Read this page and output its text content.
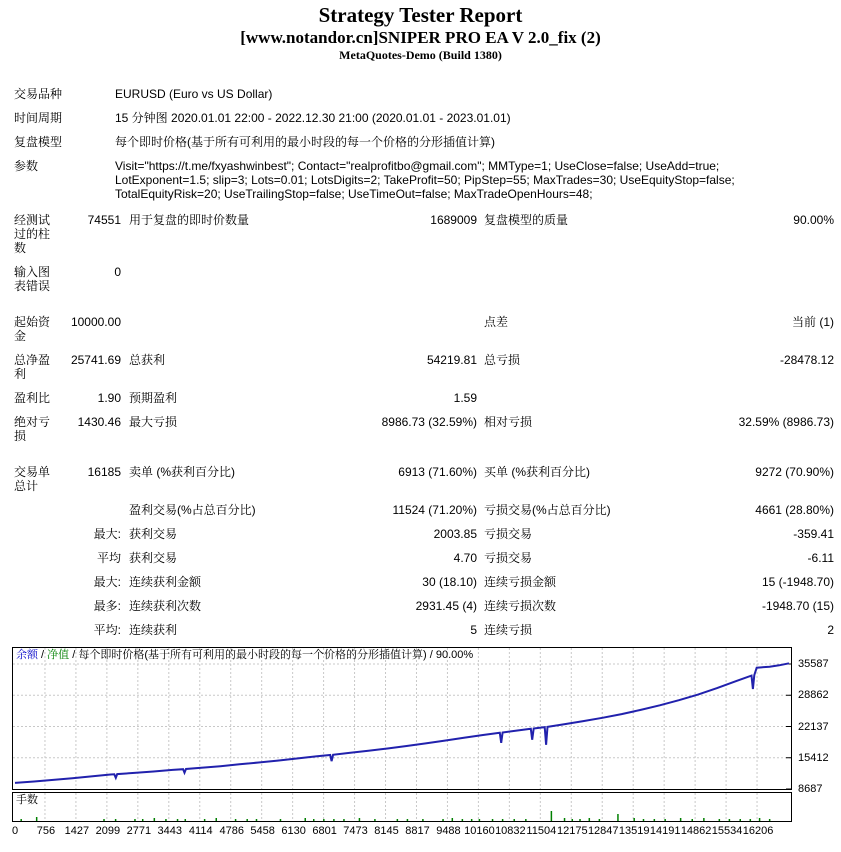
Strategy Tester Report
[www.notandor.cn]SNIPER PRO EA V 2.0_fix (2)
MetaQuotes-Demo (Build 1380)
交易品种	EURUSD (Euro vs US Dollar)
时间周期	15 分钟图 2020.01.01 22:00 - 2022.12.30 21:00 (2020.01.01 - 2023.01.01)
复盘模型	每个即时价格(基于所有可利用的最小时段的每一个价格的分形插值计算)
参数	Visit="https://t.me/fxyashwinbest"; Contact="realprofitbo@gmail.com"; MMType=1; UseClose=false; UseAdd=true;
LotExponent=1.5; slip=3; Lots=0.01; LotsDigits=2; TakeProfit=50; PipStep=55; MaxTrades=30; UseEquityStop=false;
TotalEquityRisk=20; UseTrailingStop=false; UseTimeOut=false; MaxTradeOpenHours=48;
经测试过的柱数	74551	用于复盘的即时价数量	1689009	复盘模型的质量	90.00%
输入图表错误	0				

起始资金	10000.00			点差	当前 (1)
总净盈利	25741.69	总获利	54219.81	总亏损	-28478.12
盈利比	1.90	预期盈利	1.59		
绝对亏损	1430.46	最大亏损	8986.73 (32.59%)	相对亏损	32.59% (8986.73)

交易单总计	16185	卖单 (%获利百分比)	6913 (71.60%)	买单 (%获利百分比)	9272 (70.90%)
		盈利交易(%占总百分比)	11524 (71.20%)	亏损交易(%占总百分比)	4661 (28.80%)
	最大:	获利交易	2003.85	亏损交易	-359.41
	平均	获利交易	4.70	亏损交易	-6.11
	最大:	连续获利金额	30 (18.10)	连续亏损金额	15 (-1948.70)
	最多:	连续获利次数	2931.45 (4)	连续亏损次数	-1948.70 (15)
	平均:	连续获利	5	连续亏损	2
余额 / 净值 / 每个即时价格(基于所有可利用的最小时段的每一个价格的分形插值计算) / 90.00%
35587
28862
22137
15412
8687
手数
0 756 1427 2099 2771 3443 4114 4786 5458 6130 6801 7473 8145 8817 9488 10160 10832 11504 12175 12847 13519 14191 14862 15534 16206
